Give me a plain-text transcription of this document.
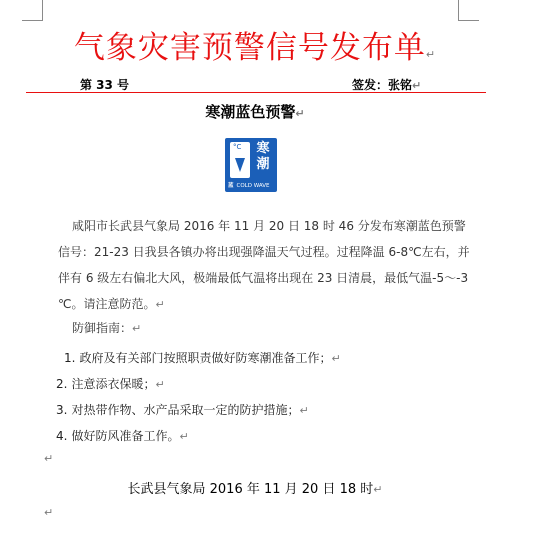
气象灾害预警信号发布单↵
第 33 号	签发：张铭↵
寒潮蓝色预警↵
°C 寒潮
蓝 COLD WAVE
咸阳市长武县气象局 2016 年 11 月 20 日 18 时 46 分发布寒潮蓝色预警
信号：21-23 日我县各镇办将出现强降温天气过程。过程降温 6-8℃左右，并
伴有 6 级左右偏北大风，极端最低气温将出现在 23 日清晨，最低气温-5～-3
℃。请注意防范。↵
防御指南：↵
1. 政府及有关部门按照职责做好防寒潮准备工作；↵
2. 注意添衣保暖；↵
3. 对热带作物、水产品采取一定的防护措施；↵
4. 做好防风准备工作。↵
↵
长武县气象局 2016 年 11 月 20 日 18 时↵
↵
